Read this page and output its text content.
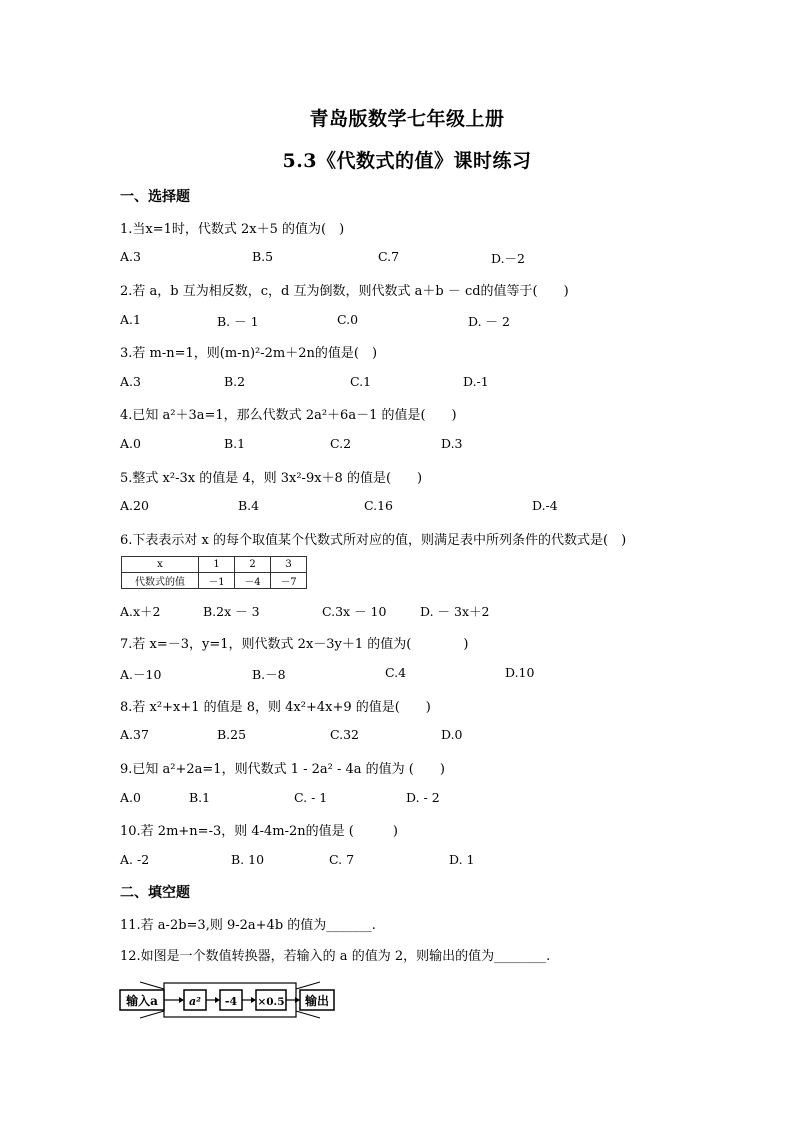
青岛版数学七年级上册
5.3《代数式的值》课时练习
一、选择题
1.当x=1时，代数式 2x＋5 的值为(　)
A.3	B.5	C.7	D.－2
2.若 a，b 互为相反数，c，d 互为倒数，则代数式 a＋b － cd的值等于(　　)
A.1	B. － 1	C.0	D. － 2
3.若 m-n=1，则(m-n)²-2m＋2n的值是(　)
A.3	B.2	C.1	D.-1
4.已知 a²＋3a=1，那么代数式 2a²＋6a－1 的值是(　　)
A.0	B.1	C.2	D.3
5.整式 x²-3x 的值是 4，则 3x²-9x＋8 的值是(　　)
A.20	B.4	C.16	D.-4
6.下表表示对 x 的每个取值某个代数式所对应的值，则满足表中所列条件的代数式是(　)
x	1	2	3
代数式的值	－1	－4	－7
A.x＋2	B.2x － 3	C.3x － 10	D. － 3x＋2
7.若 x=－3，y=1，则代数式 2x－3y＋1 的值为(　　　　)
A.－10	B.－8	C.4	D.10
8.若 x²+x+1 的值是 8，则 4x²+4x+9 的值是(　　)
A.37	B.25	C.32	D.0
9.已知 a²+2a=1，则代数式 1 - 2a² - 4a 的值为 (　　)
A.0	B.1	C. - 1	D. - 2
10.若 2m+n=-3，则 4-4m-2n的值是 (　　　)
A. -2	B. 10	C. 7	D. 1
二、填空题
11.若 a-2b=3,则 9-2a+4b 的值为_______.
12.如图是一个数值转换器，若输入的 a 的值为 2，则输出的值为________.
输入a	a² -4 ×0.5 输出
